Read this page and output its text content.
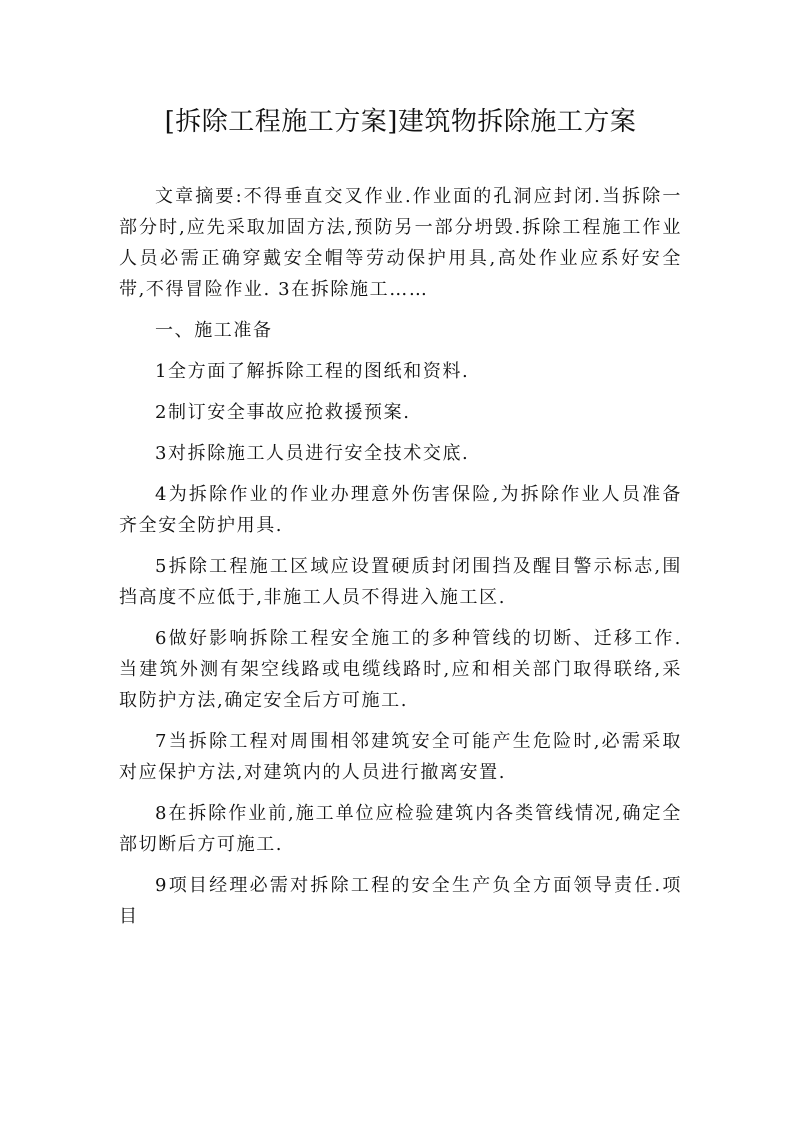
[拆除工程施工方案]建筑物拆除施工方案

文章摘要:不得垂直交叉作业.作业面的孔洞应封闭.当拆除一部分时,应先采取加固方法,预防另一部分坍毁.拆除工程施工作业人员必需正确穿戴安全帽等劳动保护用具,高处作业应系好安全带,不得冒险作业. 3在拆除施工……

一、施工准备

1全方面了解拆除工程的图纸和资料.

2制订安全事故应抢救援预案.

3对拆除施工人员进行安全技术交底.

4为拆除作业的作业办理意外伤害保险,为拆除作业人员准备齐全安全防护用具.

5拆除工程施工区域应设置硬质封闭围挡及醒目警示标志,围挡高度不应低于,非施工人员不得进入施工区.

6做好影响拆除工程安全施工的多种管线的切断、迁移工作.当建筑外测有架空线路或电缆线路时,应和相关部门取得联络,采取防护方法,确定安全后方可施工.

7当拆除工程对周围相邻建筑安全可能产生危险时,必需采取对应保护方法,对建筑内的人员进行撤离安置.

8在拆除作业前,施工单位应检验建筑内各类管线情况,确定全部切断后方可施工.

9项目经理必需对拆除工程的安全生产负全方面领导责任.项目
